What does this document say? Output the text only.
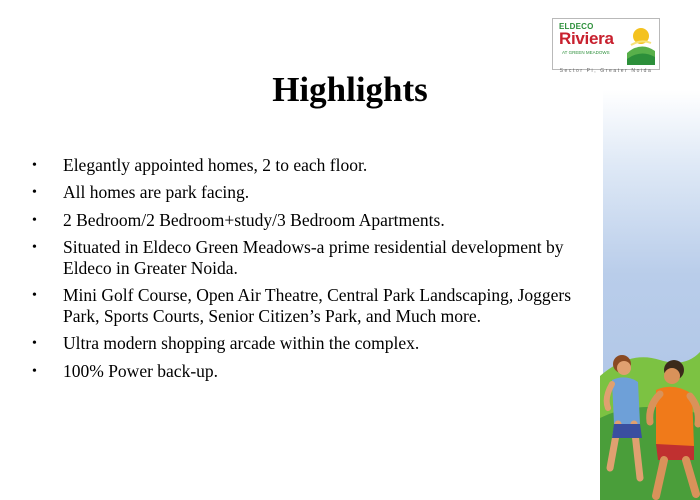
ELDECO
Riviera
AT GREEN MEADOWS
Sector Pi, Greater Noida
Highlights
• Elegantly appointed homes, 2 to each floor.
• All homes are park facing.
• 2 Bedroom/2 Bedroom+study/3 Bedroom Apartments.
• Situated in Eldeco Green Meadows-a prime residential development by Eldeco in Greater Noida.
• Mini Golf Course, Open Air Theatre, Central Park Landscaping, Joggers Park, Sports Courts, Senior Citizen’s Park, and Much more.
• Ultra modern shopping arcade within the complex.
• 100% Power back-up.
